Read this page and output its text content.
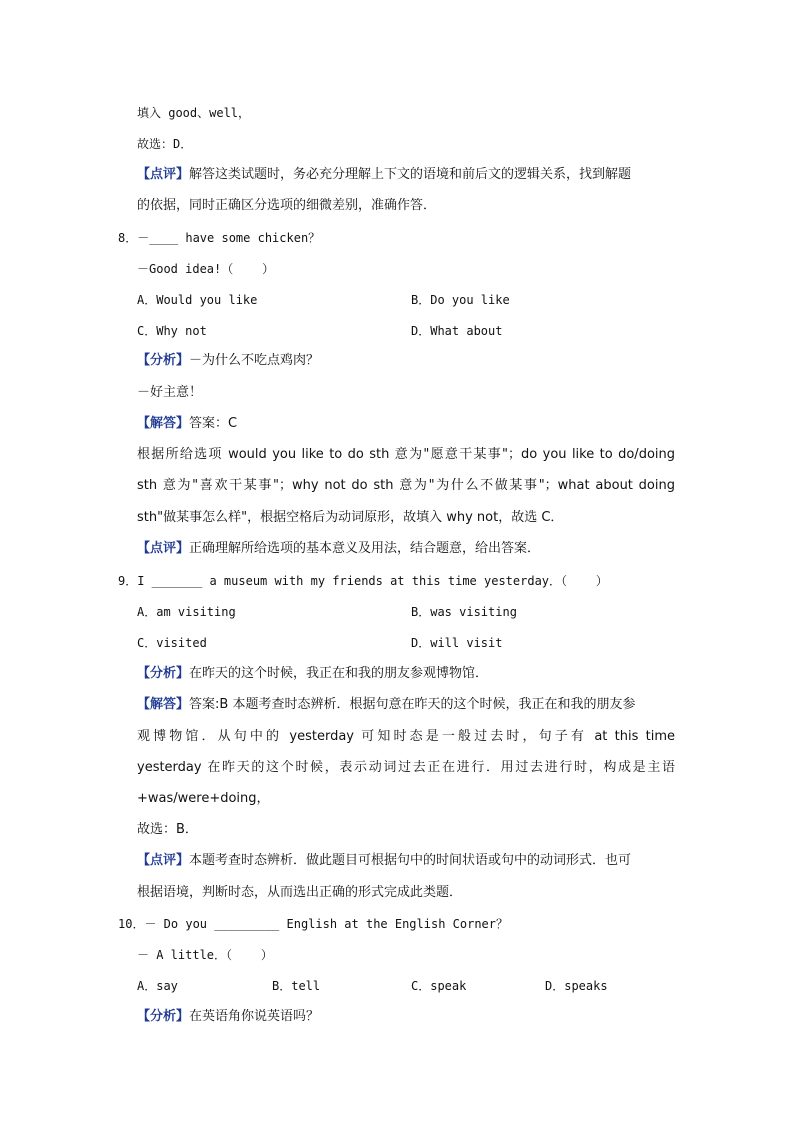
填入 good、well，
故选：D．
【点评】解答这类试题时，务必充分理解上下文的语境和前后文的逻辑关系，找到解题
的依据，同时正确区分选项的细微差别，准确作答．
8．－____ have some chicken？
－Good idea!（    ）
A．Would you like	B．Do you like
C．Why not	D．What about
【分析】－为什么不吃点鸡肉？
－好主意！
【解答】答案：C
根据所给选项 would you like to do sth 意为"愿意干某事"；do you like to do/doing
sth 意为"喜欢干某事"；why not do sth 意为"为什么不做某事"；what about doing
sth"做某事怎么样"，根据空格后为动词原形，故填入 why not，故选 C．
【点评】正确理解所给选项的基本意义及用法，结合题意，给出答案．
9．I _______ a museum with my friends at this time yesterday．（    ）
A．am visiting	B．was visiting
C．visited	D．will visit
【分析】在昨天的这个时候，我正在和我的朋友参观博物馆．
【解答】答案:B 本题考查时态辨析．根据句意在昨天的这个时候，我正在和我的朋友参
观博物馆．从句中的 yesterday 可知时态是一般过去时，句子有 at this time
yesterday 在昨天的这个时候，表示动词过去正在进行．用过去进行时，构成是主语
+was/were+doing，
故选：B．
【点评】本题考查时态辨析．做此题目可根据句中的时间状语或句中的动词形式．也可
根据语境，判断时态，从而选出正确的形式完成此类题．
10．－ Do you _________ English at the English Corner？
－ A little．（    ）
A．say	B．tell	C．speak	D．speaks
【分析】在英语角你说英语吗？
